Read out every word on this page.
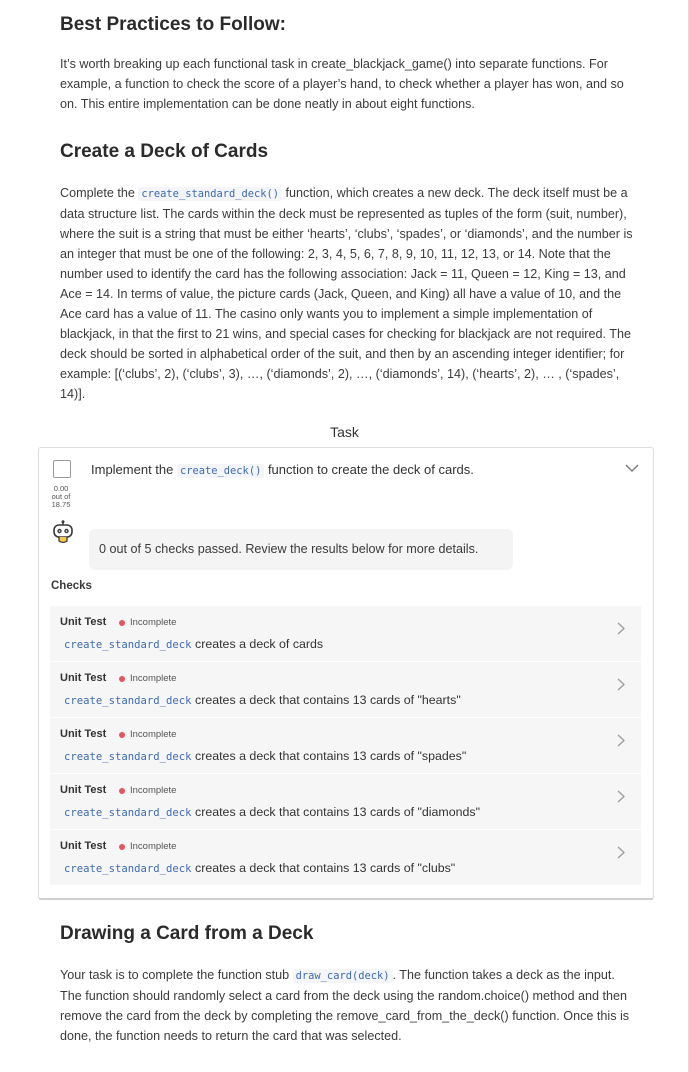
Best Practices to Follow:

It’s worth breaking up each functional task in create_blackjack_game() into separate functions. For example, a function to check the score of a player’s hand, to check whether a player has won, and so on. This entire implementation can be done neatly in about eight functions.

Create a Deck of Cards

Complete the create_standard_deck() function, which creates a new deck. The deck itself must be a data structure list. The cards within the deck must be represented as tuples of the form (suit, number), where the suit is a string that must be either ‘hearts’, ‘clubs’, ‘spades’, or ‘diamonds’, and the number is an integer that must be one of the following: 2, 3, 4, 5, 6, 7, 8, 9, 10, 11, 12, 13, or 14. Note that the number used to identify the card has the following association: Jack = 11, Queen = 12, King = 13, and Ace = 14. In terms of value, the picture cards (Jack, Queen, and King) all have a value of 10, and the Ace card has a value of 11. The casino only wants you to implement a simple implementation of blackjack, in that the first to 21 wins, and special cases for checking for blackjack are not required. The deck should be sorted in alphabetical order of the suit, and then by an ascending integer identifier; for example: [(‘clubs’, 2), (‘clubs’, 3), …, (‘diamonds’, 2), …, (‘diamonds’, 14), (‘hearts’, 2), … , (‘spades’, 14)].

Task
0.00
out of
18.75
Implement the create_deck() function to create the deck of cards.
0 out of 5 checks passed. Review the results below for more details.
Checks
Unit Test	Incomplete
create_standard_deck creates a deck of cards
Unit Test	Incomplete
create_standard_deck creates a deck that contains 13 cards of "hearts"
Unit Test	Incomplete
create_standard_deck creates a deck that contains 13 cards of "spades"
Unit Test	Incomplete
create_standard_deck creates a deck that contains 13 cards of "diamonds"
Unit Test	Incomplete
create_standard_deck creates a deck that contains 13 cards of "clubs"
Drawing a Card from a Deck

Your task is to complete the function stub draw_card(deck) . The function takes a deck as the input. The function should randomly select a card from the deck using the random.choice() method and then remove the card from the deck by completing the remove_card_from_the_deck() function. Once this is done, the function needs to return the card that was selected.
